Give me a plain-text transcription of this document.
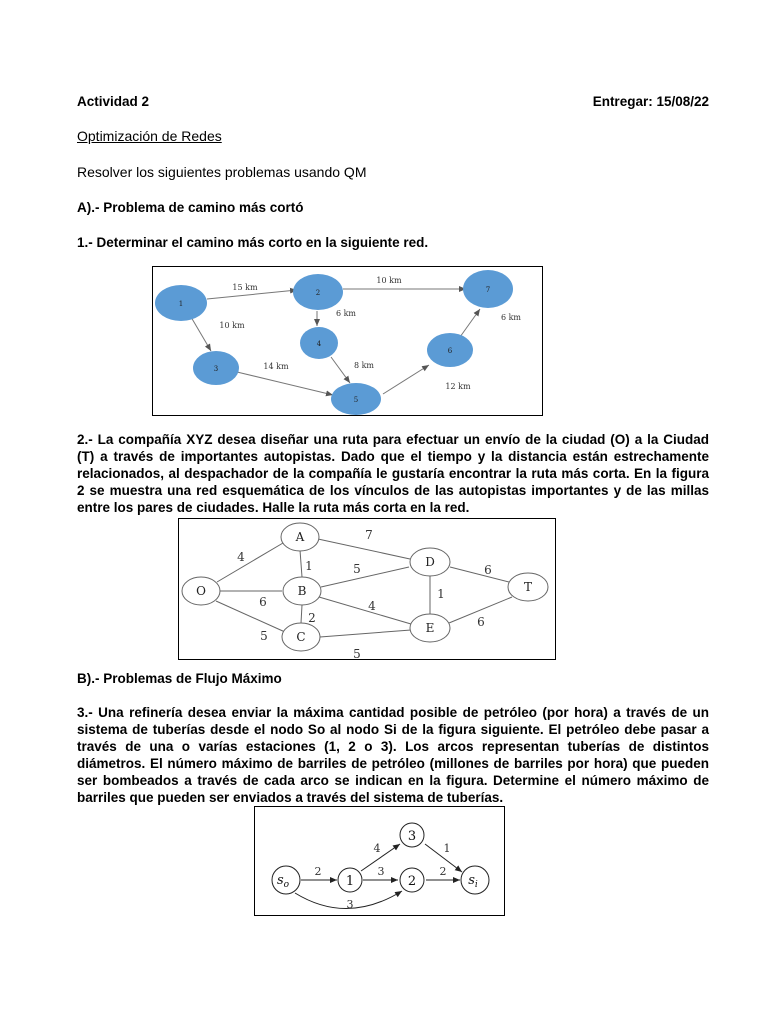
Actividad 2	Entregar: 15/08/22
Optimización de Redes
Resolver los siguientes problemas usando QM
A).- Problema de camino más cortó
1.- Determinar el camino más corto en la siguiente red.
1
2
3
4
5
6
7
15 km
10 km
10 km
6 km
14 km	8 km
12 km
6 km
2.- La compañía XYZ desea diseñar una ruta para efectuar un envío de la ciudad (O) a la Ciudad (T) a través de importantes autopistas. Dado que el tiempo y la distancia están estrechamente relacionados, al despachador de la compañía le gustaría encontrar la ruta más corta. En la figura 2 se muestra una red esquemática de los vínculos de las autopistas importantes y de las millas entre los pares de ciudades. Halle la ruta más corta en la red.
O
A
B
C
D
E
T
4
6
5
1
7
2
5
4
5
1
6
6
B).- Problemas de Flujo Máximo
3.- Una refinería desea enviar la máxima cantidad posible de petróleo (por hora) a través de un sistema de tuberías desde el nodo So al nodo Si de la figura siguiente. El petróleo debe pasar a través de una o varías estaciones (1, 2 o 3). Los arcos representan tuberías de distintos diámetros. El número máximo de barriles de petróleo (millones de barriles por hora) que pueden ser bombeados a través de cada arco se indican en la figura. Determine el número máximo de barriles que pueden ser enviados a través del sistema de tuberías.
$s_o$	1	2
3
$s_i$
2
4
3
3
1
2
